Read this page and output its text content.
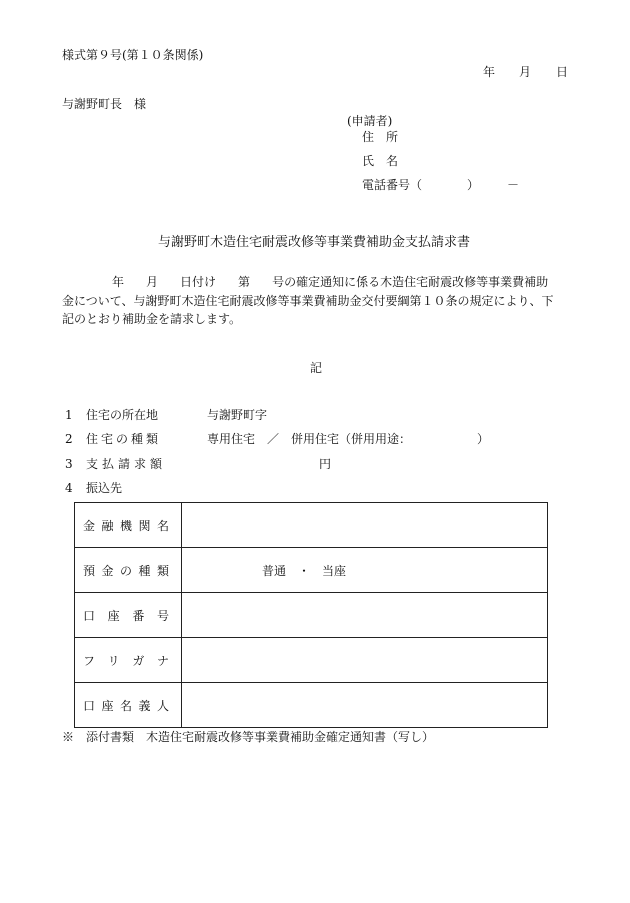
様式第９号(第１０条関係)
年 月 日
与謝野町長　様
(申請者)
住　所
氏　名
電話番号（	） －
与謝野町木造住宅耐震改修等事業費補助金支払請求書
年 月 日付け 第 号の確定通知に係る木造住宅耐震改修等事業費補助
金について、与謝野町木造住宅耐震改修等事業費補助金交付要綱第１０条の規定により、下
記のとおり補助金を請求します。
記
1 住宅の所在地	与謝野町字
2 住宅の種類	専用住宅　／　併用住宅（併用用途：	）
3 支払請求額	円
4 振込先
金 融 機 関 名	

預 金 の 種 類	普通　・　当座

口 座 番 号	

フ リ ガ ナ	

口 座 名 義 人	

※　添付書類　木造住宅耐震改修等事業費補助金確定通知書（写し）
